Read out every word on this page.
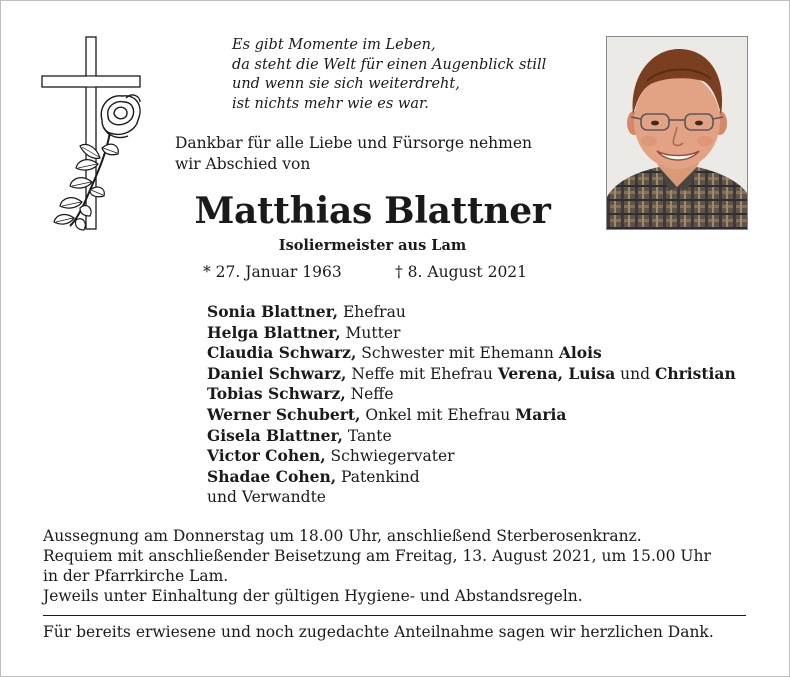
Es gibt Momente im Leben,
da steht die Welt für einen Augenblick still
und wenn sie sich weiterdreht,
ist nichts mehr wie es war.
Dankbar für alle Liebe und Fürsorge nehmen
wir Abschied von
Matthias Blattner
Isoliermeister aus Lam
* 27. Januar 1963	† 8. August 2021
Sonia Blattner, Ehefrau
Helga Blattner, Mutter
Claudia Schwarz, Schwester mit Ehemann Alois
Daniel Schwarz, Neffe mit Ehefrau Verena, Luisa und Christian
Tobias Schwarz, Neffe
Werner Schubert, Onkel mit Ehefrau Maria
Gisela Blattner, Tante
Victor Cohen, Schwiegervater
Shadae Cohen, Patenkind
und Verwandte
Aussegnung am Donnerstag um 18.00 Uhr, anschließend Sterberosenkranz.
Requiem mit anschließender Beisetzung am Freitag, 13. August 2021, um 15.00 Uhr
in der Pfarrkirche Lam.
Jeweils unter Einhaltung der gültigen Hygiene- und Abstandsregeln.
Für bereits erwiesene und noch zugedachte Anteilnahme sagen wir herzlichen Dank.
